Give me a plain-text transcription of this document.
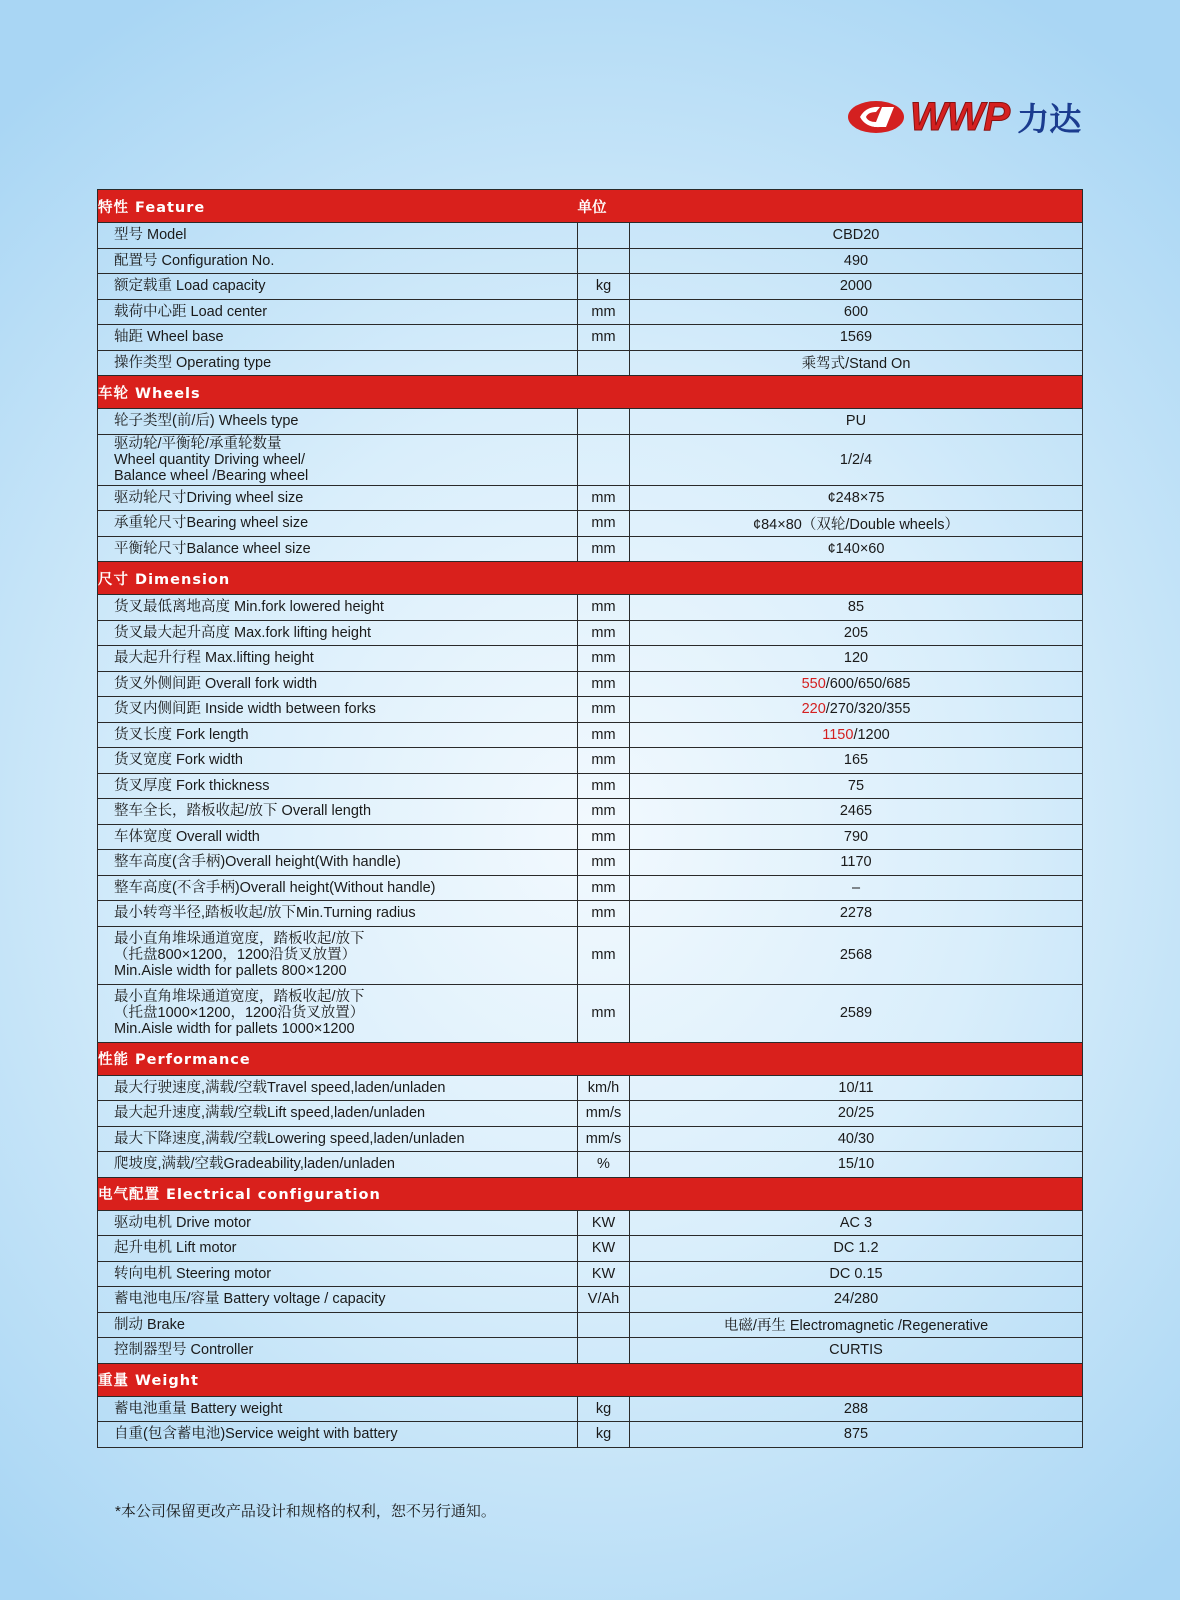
WWP 力达
特性 Feature	单位	
型号 Model		CBD20
配置号 Configuration No.		490
额定载重 Load capacity	kg	2000
载荷中心距 Load center	mm	600
轴距 Wheel base	mm	1569
操作类型 Operating type		乘驾式/Stand On
车轮 Wheels		
轮子类型(前/后) Wheels type		PU

驱动轮/平衡轮/承重轮数量
Wheel quantity Driving wheel/
Balance wheel /Bearing wheel		1/2/4
驱动轮尺寸Driving wheel size	mm	¢248×75
承重轮尺寸Bearing wheel size	mm	¢84×80（双轮/Double wheels）
平衡轮尺寸Balance wheel size	mm	¢140×60
尺寸 Dimension		
货叉最低离地高度 Min.fork lowered height	mm	85
货叉最大起升高度 Max.fork lifting height	mm	205
最大起升行程 Max.lifting height	mm	120
货叉外侧间距 Overall fork width	mm	550/600/650/685
货叉内侧间距 Inside width between forks	mm	220/270/320/355
货叉长度 Fork length	mm	1150/1200
货叉宽度 Fork width	mm	165
货叉厚度 Fork thickness	mm	75
整车全长，踏板收起/放下 Overall length	mm	2465
车体宽度 Overall width	mm	790
整车高度(含手柄)Overall height(With handle)	mm	1170
整车高度(不含手柄)Overall height(Without handle)	mm	–
最小转弯半径,踏板收起/放下Min.Turning radius	mm	2278

最小直角堆垛通道宽度，踏板收起/放下
（托盘800×1200，1200沿货叉放置）
Min.Aisle width for pallets 800×1200	mm	2568

最小直角堆垛通道宽度，踏板收起/放下
（托盘1000×1200，1200沿货叉放置）
Min.Aisle width for pallets 1000×1200	mm	2589
性能 Performance		
最大行驶速度,满载/空载Travel speed,laden/unladen	km/h	10/11
最大起升速度,满载/空载Lift speed,laden/unladen	mm/s	20/25
最大下降速度,满载/空载Lowering speed,laden/unladen	mm/s	40/30
爬坡度,满载/空载Gradeability,laden/unladen	%	15/10
电气配置 Electrical configuration		
驱动电机 Drive motor	KW	AC 3
起升电机 Lift motor	KW	DC 1.2
转向电机 Steering motor	KW	DC 0.15
蓄电池电压/容量 Battery voltage / capacity	V/Ah	24/280
制动 Brake		电磁/再生 Electromagnetic /Regenerative
控制器型号 Controller		CURTIS
重量 Weight		
蓄电池重量 Battery weight	kg	288
自重(包含蓄电池)Service weight with battery	kg	875
*本公司保留更改产品设计和规格的权利，恕不另行通知。
